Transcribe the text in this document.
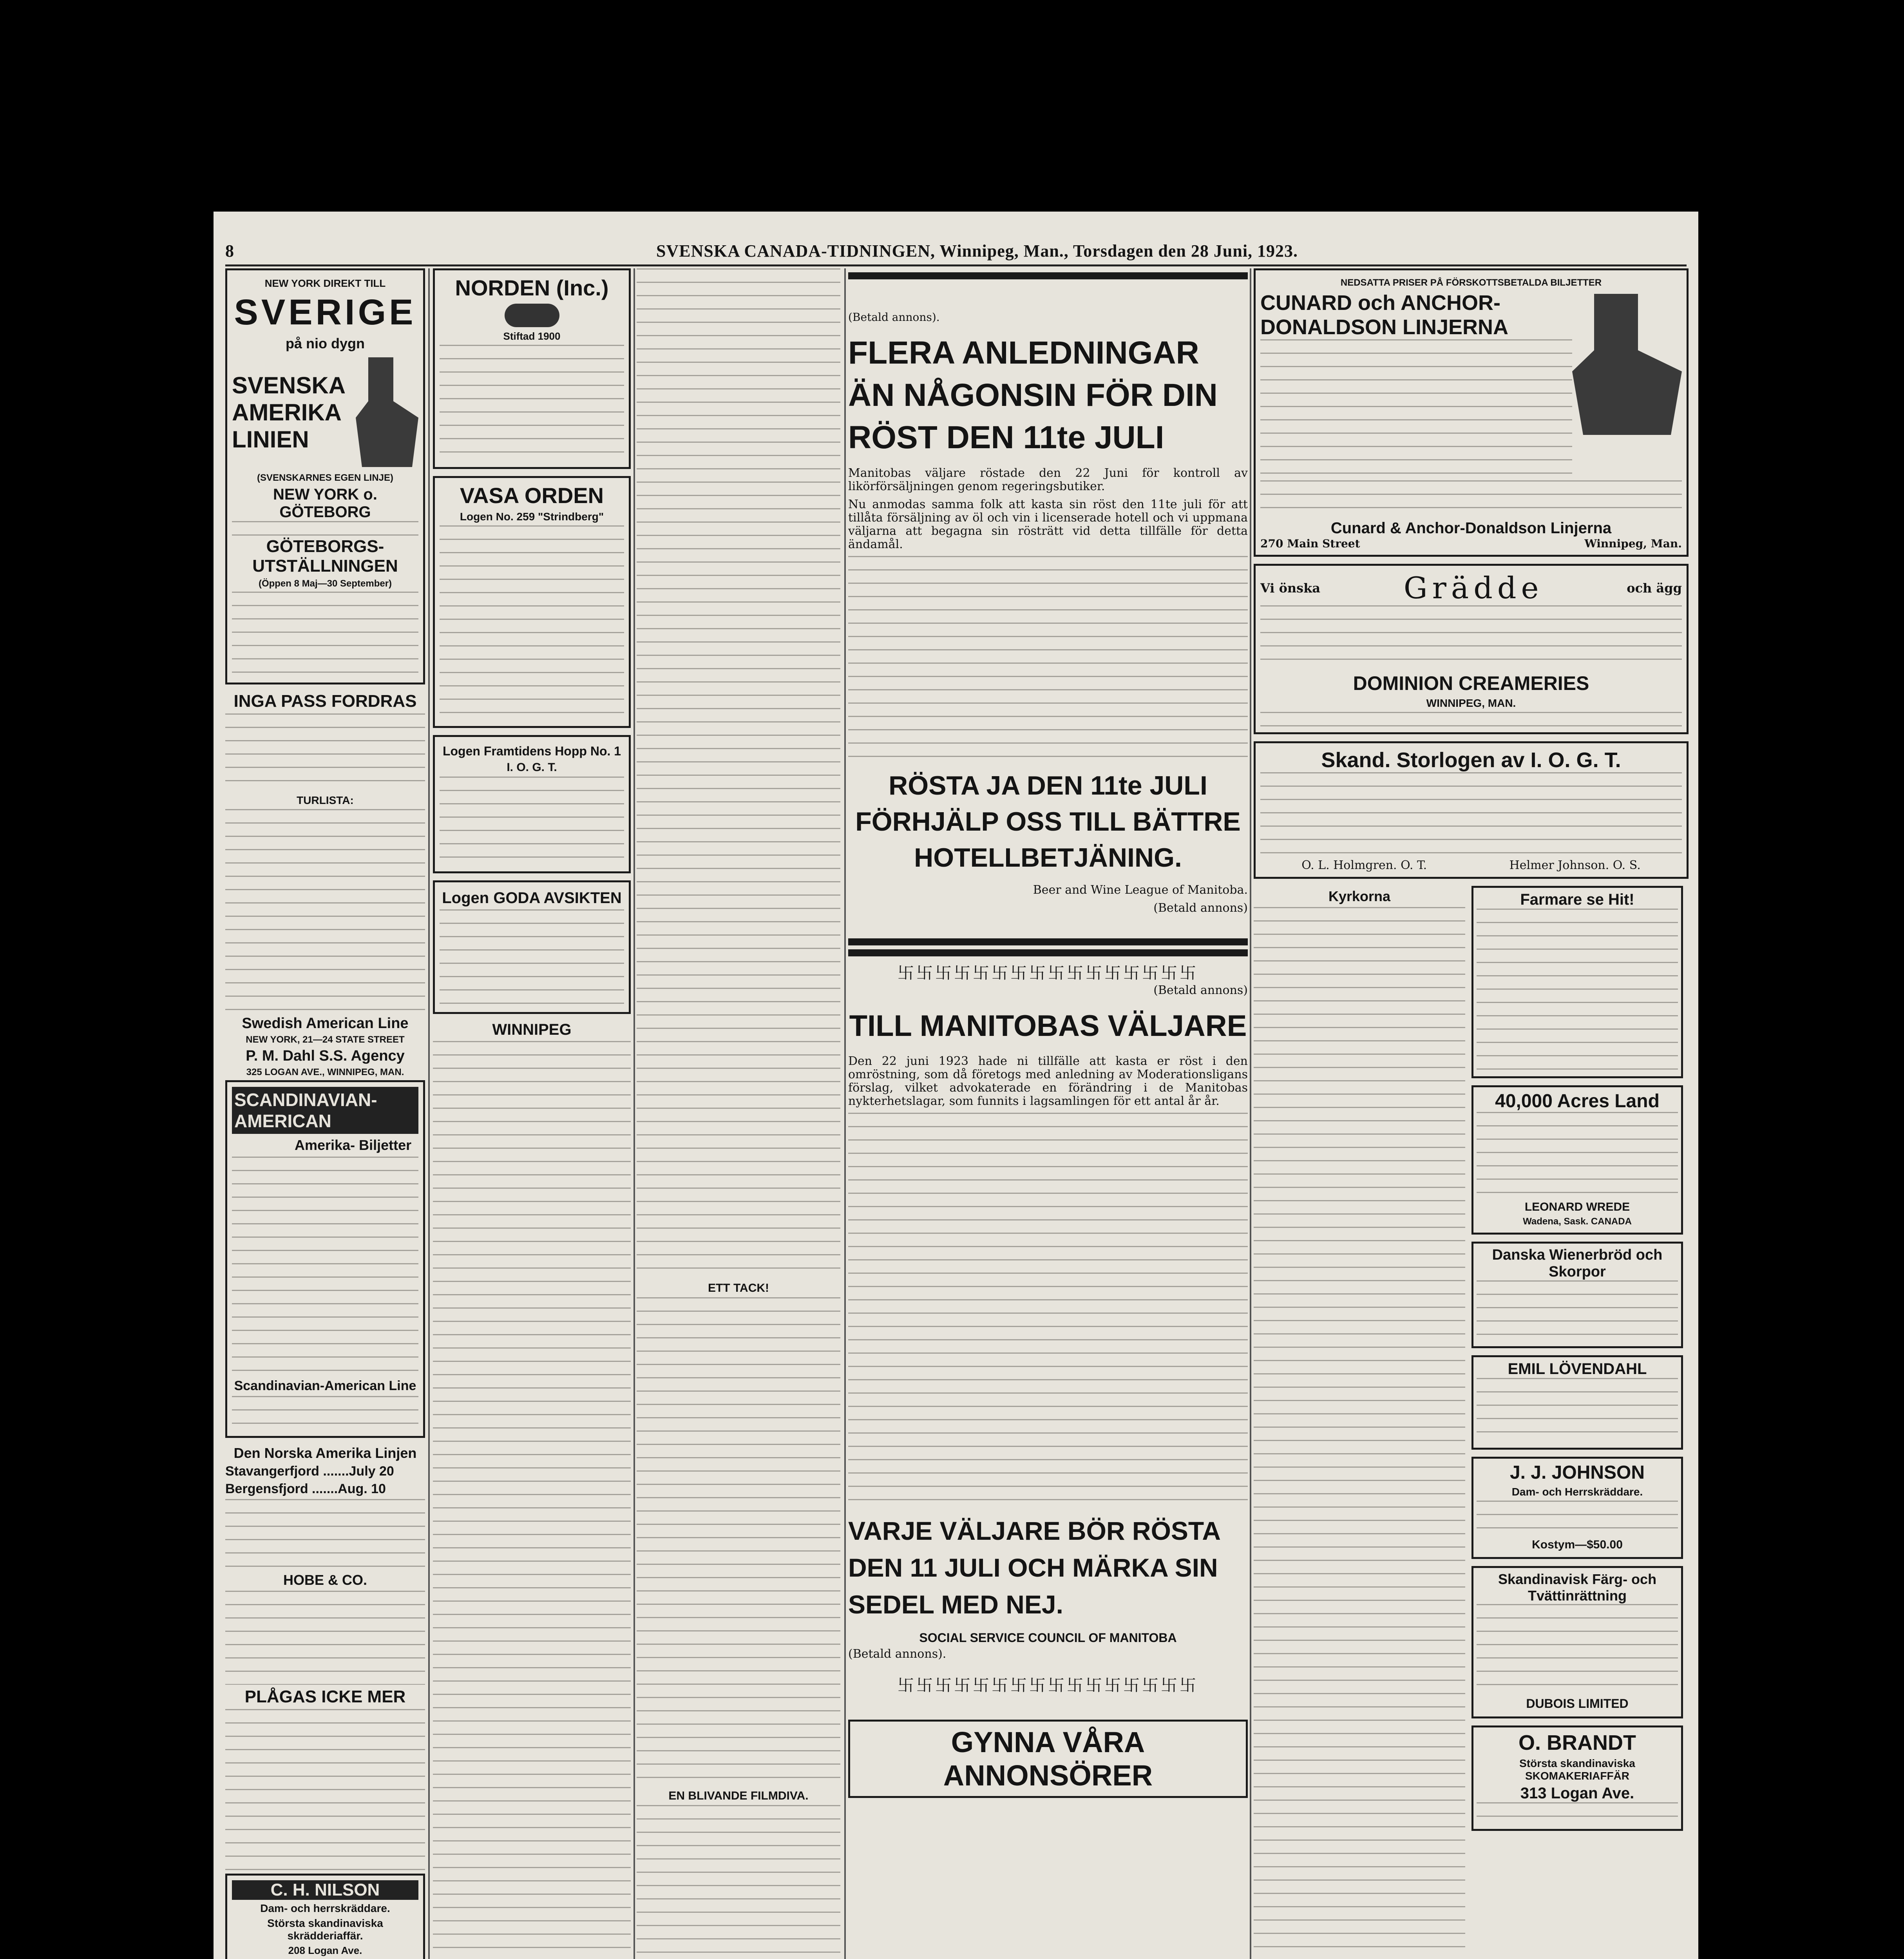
8	SVENSKA CANADA-TIDNINGEN, Winnipeg, Man., Torsdagen den 28 Juni, 1923.
NEW YORK DIREKT TILL
SVERIGE
på nio dygn
SVENSKA
AMERIKA
LINIEN
(SVENSKARNES EGEN LINJE)
NEW YORK o. GÖTEBORG
GÖTEBORGS-
UTSTÄLLNINGEN
(Öppen 8 Maj—30 September)
INGA PASS FORDRAS
TURLISTA:
Swedish American Line
NEW YORK, 21—24 STATE STREET
P. M. Dahl S.S. Agency
325 LOGAN AVE., WINNIPEG, MAN.
SCANDINAVIAN- AMERICAN
Amerika- Biljetter
Scandinavian-American Line
Den Norska Amerika Linjen
Stavangerfjord .......July 20
Bergensfjord .......Aug. 10
HOBE & CO.
PLÅGAS ICKE MER
C. H. NILSON
Dam- och herrskräddare.
Största skandinaviska skrädderiaffär.
208 Logan Ave.
NORDEN (Inc.)
Stiftad 1900
VASA ORDEN
Logen No. 259 "Strindberg"
Logen Framtidens Hopp No. 1
I. O. G. T.
Logen GODA AVSIKTEN
WINNIPEG
ETT TACK!
EN BLIVANDE FILMDIVA.
(Betald annons).
FLERA ANLEDNINGAR ÄN NÅGONSIN FÖR DIN RÖST DEN 11te JULI
Manitobas väljare röstade den 22 Juni för kontroll av likörförsäljningen genom regeringsbutiker.
Nu anmodas samma folk att kasta sin röst den 11te juli för att tillåta försäljning av öl och vin i licenserade hotell och vi uppmana väljarna att begagna sin rösträtt vid detta tillfälle för detta ändamål.
RÖSTA JA DEN 11te JULI FÖRHJÄLP OSS TILL BÄTTRE HOTELLBETJÄNING.
Beer and Wine League of Manitoba.
(Betald annons)
卐卐卐卐卐卐卐卐卐卐卐卐卐卐卐卐
(Betald annons)
TILL MANITOBAS VÄLJARE
Den 22 juni 1923 hade ni tillfälle att kasta er röst i den omröstning, som då företogs med anledning av Moderationsligans förslag, vilket advokaterade en förändring i de Manitobas nykterhetslagar, som funnits i lagsamlingen för ett antal år år.
VARJE VÄLJARE BÖR RÖSTA DEN 11 JULI OCH MÄRKA SIN SEDEL MED NEJ.
SOCIAL SERVICE COUNCIL OF MANITOBA
(Betald annons).
卐卐卐卐卐卐卐卐卐卐卐卐卐卐卐卐
GYNNA VÅRA ANNONSÖRER
NEDSATTA PRISER PÅ FÖRSKOTTSBETALDA BILJETTER
CUNARD och ANCHOR-DONALDSON LINJERNA
Cunard & Anchor-Donaldson Linjerna
270 Main Street	Winnipeg, Man.
Vi önska	Grädde	och ägg
DOMINION CREAMERIES
WINNIPEG, MAN.
Skand. Storlogen av I. O. G. T.
O. L. Holmgren. O. T.	Helmer Johnson. O. S.
Kyrkorna	Farmare se Hit!
40,000 Acres Land
LEONARD WREDE
Wadena, Sask. CANADA
Danska Wienerbröd och Skorpor
EMIL LÖVENDAHL
J. J. JOHNSON
Dam- och Herrskräddare.
Kostym—$50.00
Skandinavisk Färg- och Tvättinrättning
DUBOIS LIMITED
O. BRANDT
Största skandinaviska SKOMAKERIAFFÄR
313 Logan Ave.
